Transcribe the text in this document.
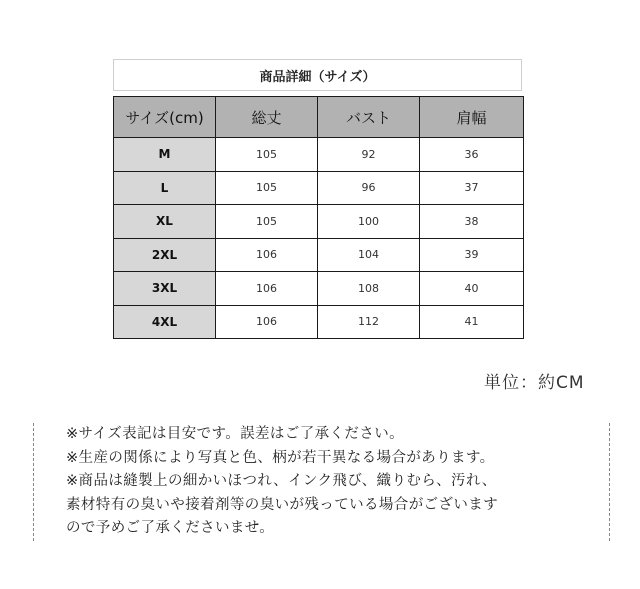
商品詳細（サイズ）
サイズ(cm)	総丈	バスト	肩幅
M	105	92	36
L	105	96	37
XL	105	100	38
2XL	106	104	39
3XL	106	108	40
4XL	106	112	41
単位：約CM
※サイズ表記は目安です。誤差はご了承ください。
※生産の関係により写真と色、柄が若干異なる場合があります。
※商品は縫製上の細かいほつれ、インク飛び、織りむら、汚れ、
素材特有の臭いや接着剤等の臭いが残っている場合がございます
ので予めご了承くださいませ。
